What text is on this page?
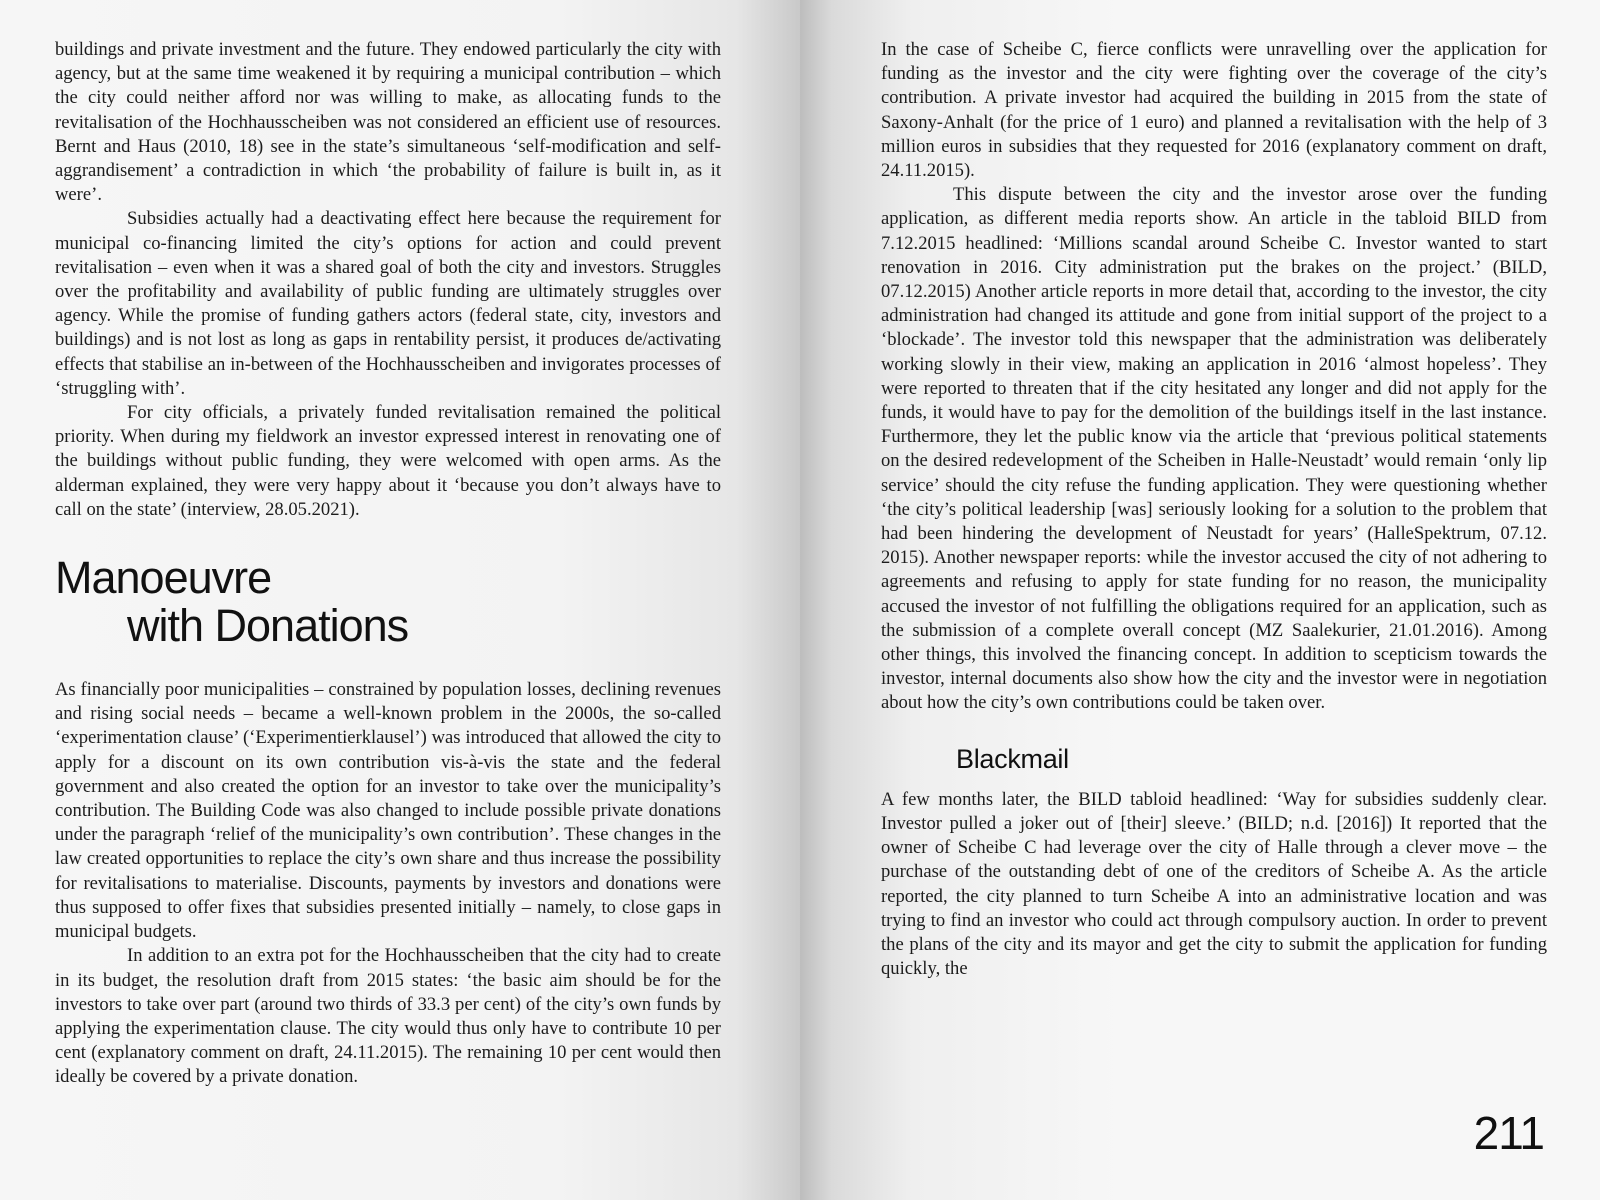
buildings and private investment and the future. They endowed particularly the city with agency, but at the same time weakened it by requiring a municipal contribution – which the city could neither afford nor was willing to make, as allocating funds to the revitalisation of the Hochhausscheiben was not considered an efficient use of resources. Bernt and Haus (2010, 18) see in the state’s simultaneous ‘self-modification and self-aggrandisement’ a contradiction in which ‘the probability of failure is built in, as it were’.

Subsidies actually had a deactivating effect here because the requirement for municipal co-financing limited the city’s options for action and could prevent revitalisation – even when it was a shared goal of both the city and investors. Struggles over the profitability and availability of public funding are ultimately struggles over agency. While the promise of funding gathers actors (federal state, city, investors and buildings) and is not lost as long as gaps in rentability persist, it produces de/activating effects that stabilise an in-between of the Hochhausscheiben and invigorates processes of ‘struggling with’.

For city officials, a privately funded revitalisation remained the political priority. When during my fieldwork an investor expressed interest in renovating one of the buildings without public funding, they were welcomed with open arms. As the alderman explained, they were very happy about it ‘because you don’t always have to call on the state’ (interview, 28.05.2021).

Manoeuvre
with Donations

As financially poor municipalities – constrained by population losses, declining revenues and rising social needs – became a well-known problem in the 2000s, the so-called ‘experimentation clause’ (‘Experimentierklausel’) was introduced that allowed the city to apply for a discount on its own contribution vis-à-vis the state and the federal government and also created the option for an investor to take over the municipality’s contribution. The Building Code was also changed to include possible private donations under the paragraph ‘relief of the municipality’s own contribution’. These changes in the law created opportunities to replace the city’s own share and thus increase the possibility for revitalisations to materialise. Discounts, payments by investors and donations were thus supposed to offer fixes that subsidies presented initially – namely, to close gaps in municipal budgets.

In addition to an extra pot for the Hochhausscheiben that the city had to create in its budget, the resolution draft from 2015 states: ‘the basic aim should be for the investors to take over part (around two thirds of 33.3 per cent) of the city’s own funds by applying the experimentation clause. The city would thus only have to contribute 10 per cent (explanatory comment on draft, 24.11.2015). The remaining 10 per cent would then ideally be covered by a private donation.

In the case of Scheibe C, fierce conflicts were unravelling over the application for funding as the investor and the city were fighting over the coverage of the city’s contribution. A private investor had acquired the building in 2015 from the state of Saxony-Anhalt (for the price of 1 euro) and planned a revitalisation with the help of 3 million euros in subsidies that they requested for 2016 (explanatory comment on draft, 24.11.2015).

This dispute between the city and the investor arose over the funding application, as different media reports show. An article in the tabloid BILD from 7.12.2015 headlined: ‘Millions scandal around Scheibe C. Investor wanted to start renovation in 2016. City administration put the brakes on the project.’ (BILD, 07.12.2015) Another article reports in more detail that, according to the investor, the city administration had changed its attitude and gone from initial support of the project to a ‘blockade’. The investor told this newspaper that the administration was deliberately working slowly in their view, making an application in 2016 ‘almost hopeless’. They were reported to threaten that if the city hesitated any longer and did not apply for the funds, it would have to pay for the demolition of the buildings itself in the last instance. Furthermore, they let the public know via the article that ‘previous political statements on the desired redevelopment of the Scheiben in Halle-Neustadt’ would remain ‘only lip service’ should the city refuse the funding application. They were questioning whether ‘the city’s political leadership [was] seriously looking for a solution to the problem that had been hindering the development of Neustadt for years’ (HalleSpektrum, 07.12. 2015). Another newspaper reports: while the investor accused the city of not adhering to agreements and refusing to apply for state funding for no reason, the municipality accused the investor of not fulfilling the obligations required for an application, such as the submission of a complete overall concept (MZ Saalekurier, 21.01.2016). Among other things, this involved the financing concept. In addition to scepticism towards the investor, internal documents also show how the city and the investor were in negotiation about how the city’s own contributions could be taken over.

Blackmail

A few months later, the BILD tabloid headlined: ‘Way for subsidies suddenly clear. Investor pulled a joker out of [their] sleeve.’ (BILD; n.d. [2016]) It reported that the owner of Scheibe C had leverage over the city of Halle through a clever move – the purchase of the outstanding debt of one of the creditors of Scheibe A. As the article reported, the city planned to turn Scheibe A into an administrative location and was trying to find an investor who could act through compulsory auction. In order to prevent the plans of the city and its mayor and get the city to submit the application for funding quickly, the

211
